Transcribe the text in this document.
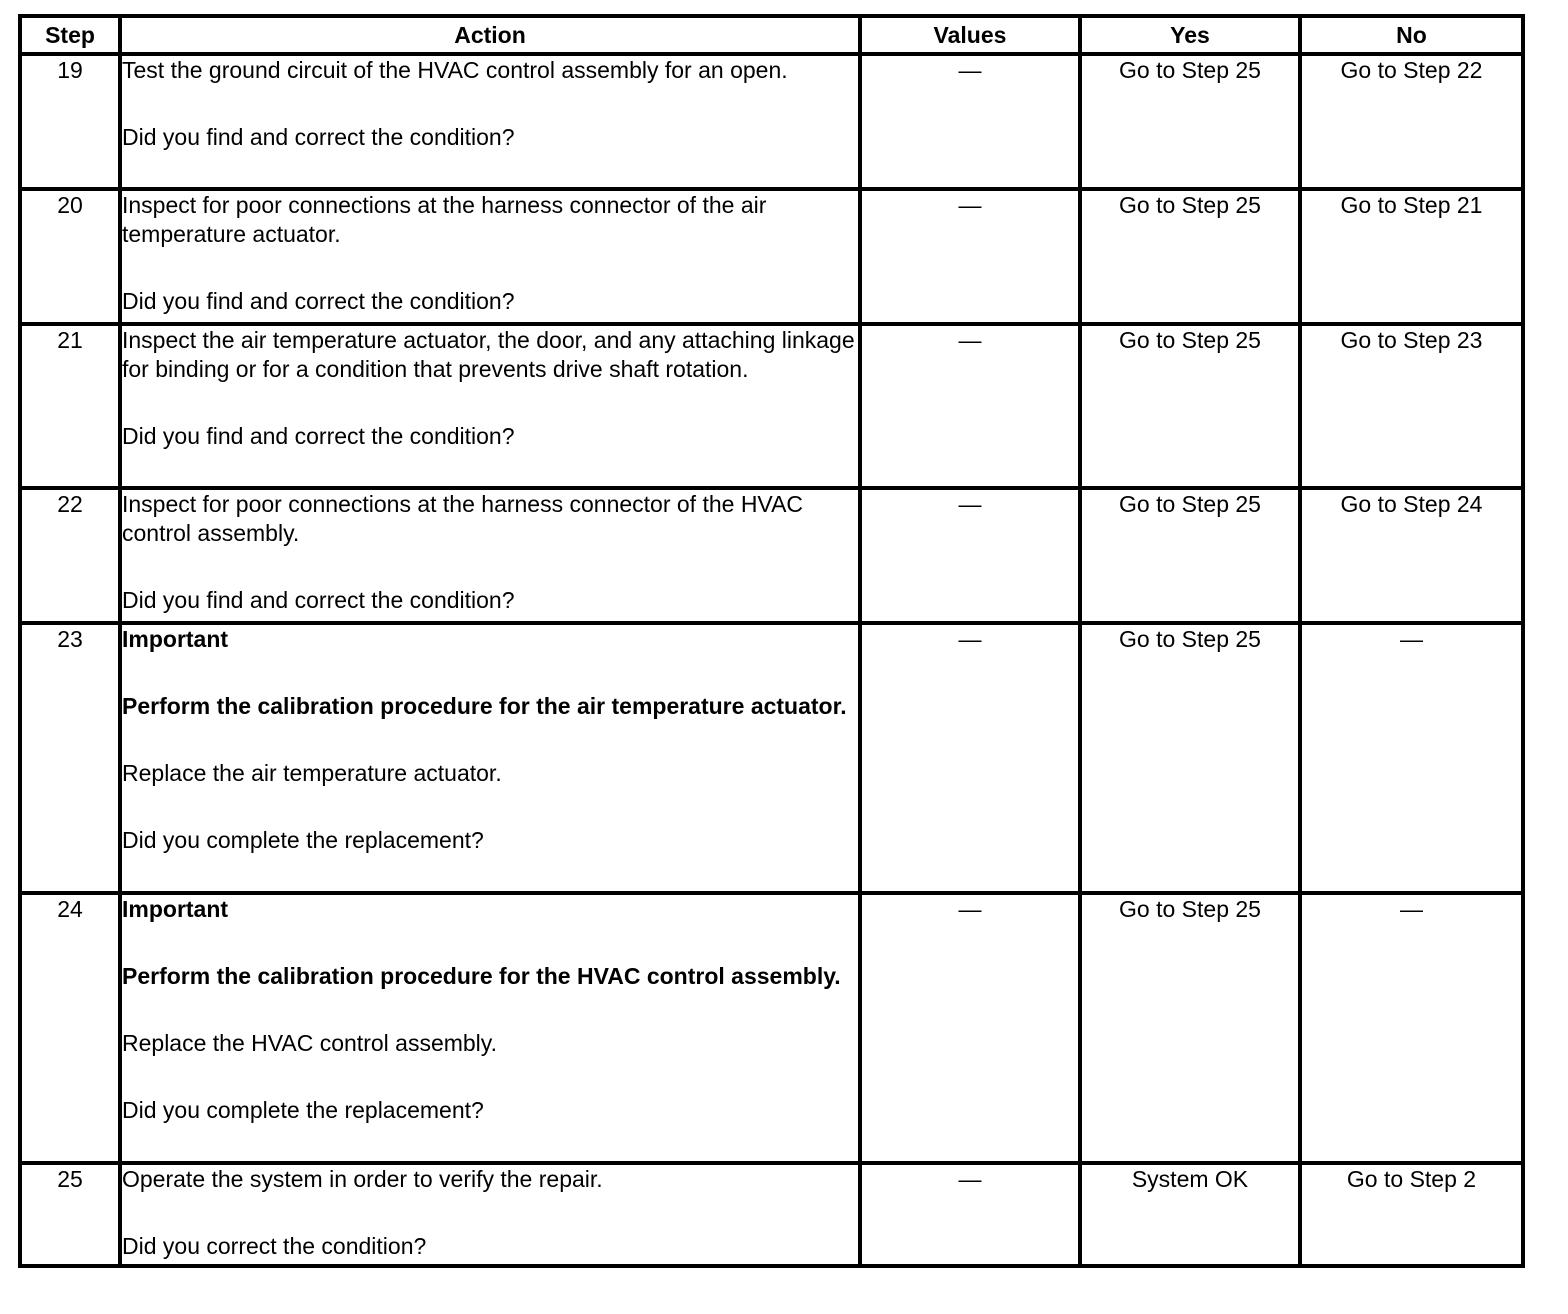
Step	Action	Values	Yes	No
19	Test the ground circuit of the HVAC control assembly for an open.

Did you find and correct the condition?	—	Go to Step 25	Go to Step 22
20	Inspect for poor connections at the harness connector of the air temperature actuator.

Did you find and correct the condition?	—	Go to Step 25	Go to Step 21
21	Inspect the air temperature actuator, the door, and any attaching linkage for binding or for a condition that prevents drive shaft rotation.

Did you find and correct the condition?	—	Go to Step 25	Go to Step 23
22	Inspect for poor connections at the harness connector of the HVAC control assembly.

Did you find and correct the condition?	—	Go to Step 25	Go to Step 24
23	Important

Perform the calibration procedure for the air temperature actuator.

Replace the air temperature actuator.

Did you complete the replacement?	—	Go to Step 25	—
24	Important

Perform the calibration procedure for the HVAC control assembly.

Replace the HVAC control assembly.

Did you complete the replacement?	—	Go to Step 25	—
25	Operate the system in order to verify the repair.

Did you correct the condition?	—	System OK	Go to Step 2
